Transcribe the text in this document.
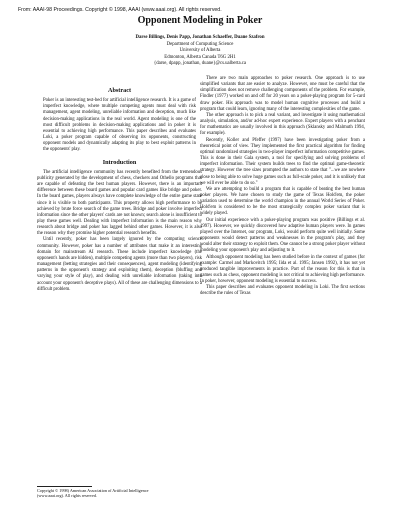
From: AAAI-98 Proceedings. Copyright © 1998, AAAI (www.aaai.org). All rights reserved.
Opponent Modeling in Poker
Darse Billings, Denis Papp, Jonathan Schaeffer, Duane Szafron
Department of Computing Science
University of Alberta
Edmonton, Alberta Canada T6G 2H1
{darse, dpapp, jonathan, duane}@cs.ualberta.ca
Abstract
Poker is an interesting test-bed for artificial intelligence research. It is a game of imperfect knowledge, where multiple competing agents must deal with risk management, agent modeling, unreliable information and deception, much like decision-making applications in the real world. Agent modeling is one of the most difficult problems in decision-making applications and in poker it is essential to achieving high performance. This paper describes and evaluates Loki, a poker program capable of observing its opponents, constructing opponent models and dynamically adapting its play to best exploit patterns in the opponents' play.
Introduction

The artificial intelligence community has recently benefited from the tremendous publicity generated by the development of chess, checkers and Othello programs that are capable of defeating the best human players. However, there is an important difference between these board games and popular card games like bridge and poker. In the board games, players always have complete knowledge of the entire game state since it is visible to both participants. This property allows high performance to be achieved by brute force search of the game trees. Bridge and poker involve imperfect information since the other players' cards are not known; search alone is insufficient to play these games well. Dealing with imperfect information is the main reason why research about bridge and poker has lagged behind other games. However, it is also the reason why they promise higher potential research benefits.

Until recently, poker has been largely ignored by the computing science community. However, poker has a number of attributes that make it an interesting domain for mainstream AI research. These include imperfect knowledge (the opponent's hands are hidden), multiple competing agents (more than two players), risk management (betting strategies and their consequences), agent modeling (identifying patterns in the opponent's strategy and exploiting them), deception (bluffing and varying your style of play), and dealing with unreliable information (taking into account your opponent's deceptive plays). All of these are challenging dimensions to a difficult problem.

There are two main approaches to poker research. One approach is to use simplified variants that are easier to analyze. However, one must be careful that the simplification does not remove challenging components of the problem. For example, Findler (1977) worked on and off for 20 years on a poker-playing program for 5-card draw poker. His approach was to model human cognitive processes and build a program that could learn, ignoring many of the interesting complexities of the game.

The other approach is to pick a real variant, and investigate it using mathematical analysis, simulation, and/or ad-hoc expert experience. Expert players with a penchant for mathematics are usually involved in this approach (Sklansky and Malmuth 1994, for example).

Recently, Koller and Pfeffer (1997) have been investigating poker from a theoretical point of view. They implemented the first practical algorithm for finding optimal randomized strategies in two-player imperfect information competitive games. This is done in their Gala system, a tool for specifying and solving problems of imperfect information. Their system builds trees to find the optimal game-theoretic strategy. However the tree sizes prompted the authors to state that "...we are nowhere close to being able to solve huge games such as full-scale poker, and it is unlikely that we will ever be able to do so."

We are attempting to build a program that is capable of beating the best human poker players. We have chosen to study the game of Texas Hold'em, the poker variation used to determine the world champion in the annual World Series of Poker. Hold'em is considered to be the most strategically complex poker variant that is widely played.

Our initial experience with a poker-playing program was positive (Billings et al. 1997). However, we quickly discovered how adaptive human players were. In games played over the Internet, our program, Loki, would perform quite well initially. Some opponents would detect patterns and weaknesses in the program's play, and they would alter their strategy to exploit them. One cannot be a strong poker player without modeling your opponent's play and adjusting to it.

Although opponent modeling has been studied before in the context of games (for example: Carmel and Markovitch 1995; Iida et al. 1995; Jansen 1992), it has not yet produced tangible improvements in practice. Part of the reason for this is that in games such as chess, opponent modeling is not critical to achieving high performance. In poker, however, opponent modeling is essential to success.

This paper describes and evaluates opponent modeling in Loki. The first sections describe the rules of Texas

Copyright © 1998) American Association of Artificial Intelligence
(www.aaai.org). All rights reserved.
